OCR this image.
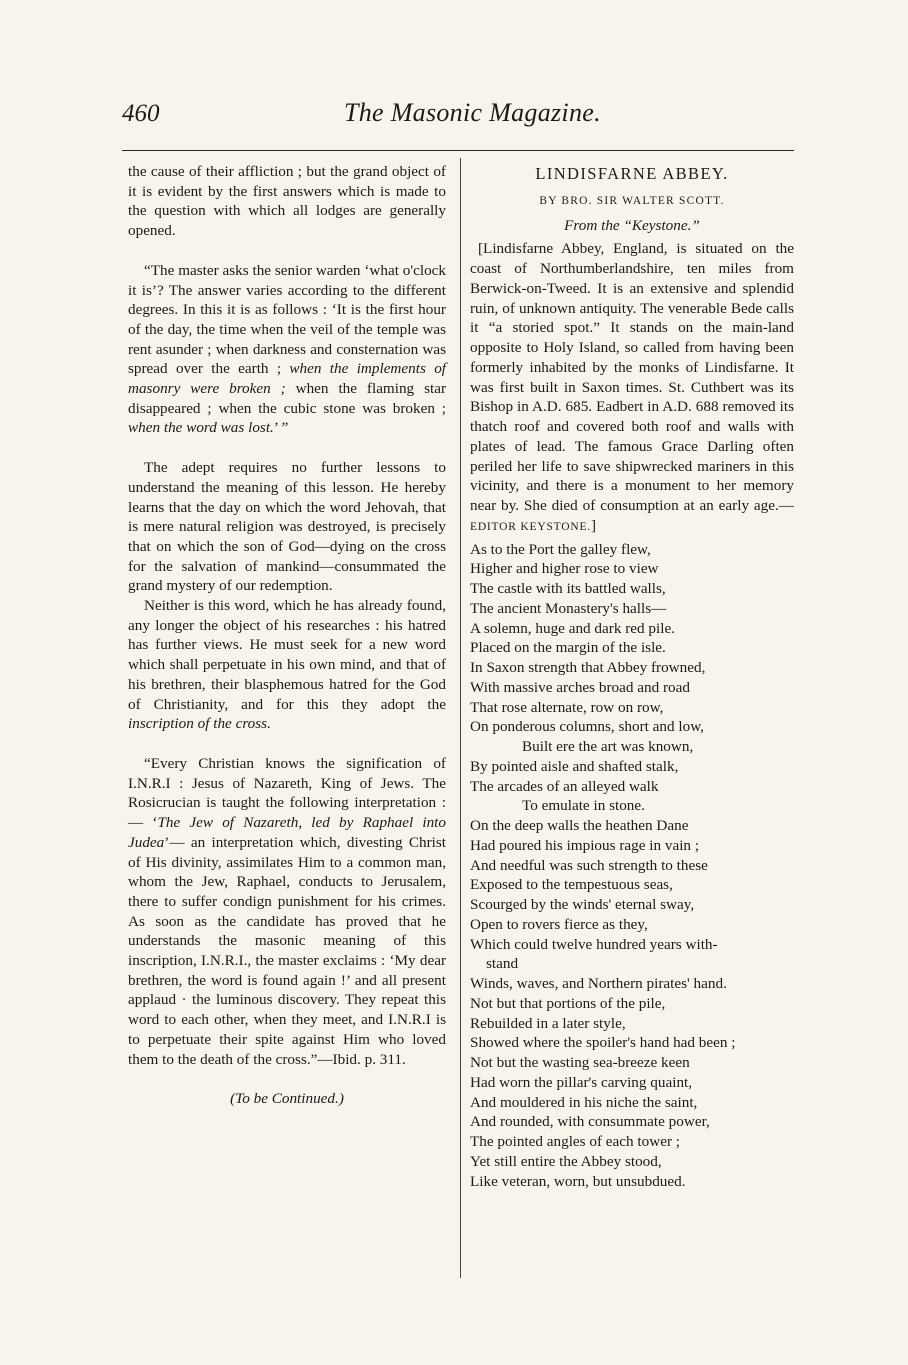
460	The Masonic Magazine.

the cause of their affliction ; but the grand object of it is evident by the first answers which is made to the question with which all lodges are generally opened.

“The master asks the senior warden ‘what o'clock it is’? The answer varies according to the different degrees. In this it is as follows : ‘It is the first hour of the day, the time when the veil of the temple was rent asunder ; when darkness and consternation was spread over the earth ; when the implements of masonry were broken ; when the flaming star disappeared ; when the cubic stone was broken ; when the word was lost.’ ”

The adept requires no further lessons to understand the meaning of this lesson. He hereby learns that the day on which the word Jehovah, that is mere natural religion was destroyed, is precisely that on which the son of God—dying on the cross for the salvation of mankind—consummated the grand mystery of our redemption.

Neither is this word, which he has already found, any longer the object of his researches : his hatred has further views. He must seek for a new word which shall perpetuate in his own mind, and that of his brethren, their blasphemous hatred for the God of Christianity, and for this they adopt the inscription of the cross.

“Every Christian knows the signification of I.N.R.I : Jesus of Nazareth, King of Jews. The Rosicrucian is taught the following interpretation : — ‘The Jew of Nazareth, led by Raphael into Judea’— an interpretation which, divesting Christ of His divinity, assimilates Him to a common man, whom the Jew, Raphael, conducts to Jerusalem, there to suffer condign punishment for his crimes. As soon as the candidate has proved that he understands the masonic meaning of this inscription, I.N.R.I., the master exclaims : ‘My dear brethren, the word is found again !’ and all present applaud · the luminous discovery. They repeat this word to each other, when they meet, and I.N.R.I is to perpetuate their spite against Him who loved them to the death of the cross.”—Ibid. p. 311.

(To be Continued.)
LINDISFARNE ABBEY.
BY BRO. SIR WALTER SCOTT.
From the “Keystone.”

[Lindisfarne Abbey, England, is situated on the coast of Northumberlandshire, ten miles from Berwick-on-Tweed. It is an extensive and splendid ruin, of unknown antiquity. The venerable Bede calls it “a storied spot.” It stands on the main-land opposite to Holy Island, so called from having been formerly inhabited by the monks of Lindisfarne. It was first built in Saxon times. St. Cuthbert was its Bishop in A.D. 685. Eadbert in A.D. 688 removed its thatch roof and covered both roof and walls with plates of lead. The famous Grace Darling often periled her life to save shipwrecked mariners in this vicinity, and there is a monument to her memory near by. She died of consumption at an early age.—EDITOR KEYSTONE.]

As to the Port the galley flew,
Higher and higher rose to view
The castle with its battled walls,
The ancient Monastery's halls—
A solemn, huge and dark red pile.
Placed on the margin of the isle.
In Saxon strength that Abbey frowned,
With massive arches broad and road
That rose alternate, row on row,
On ponderous columns, short and low,
Built ere the art was known,
By pointed aisle and shafted stalk,
The arcades of an alleyed walk
To emulate in stone.
On the deep walls the heathen Dane
Had poured his impious rage in vain ;
And needful was such strength to these
Exposed to the tempestuous seas,
Scourged by the winds' eternal sway,
Open to rovers fierce as they,
Which could twelve hundred years with-
stand
Winds, waves, and Northern pirates' hand.
Not but that portions of the pile,
Rebuilded in a later style,
Showed where the spoiler's hand had been ;
Not but the wasting sea-breeze keen
Had worn the pillar's carving quaint,
And mouldered in his niche the saint,
And rounded, with consummate power,
The pointed angles of each tower ;
Yet still entire the Abbey stood,
Like veteran, worn, but unsubdued.
